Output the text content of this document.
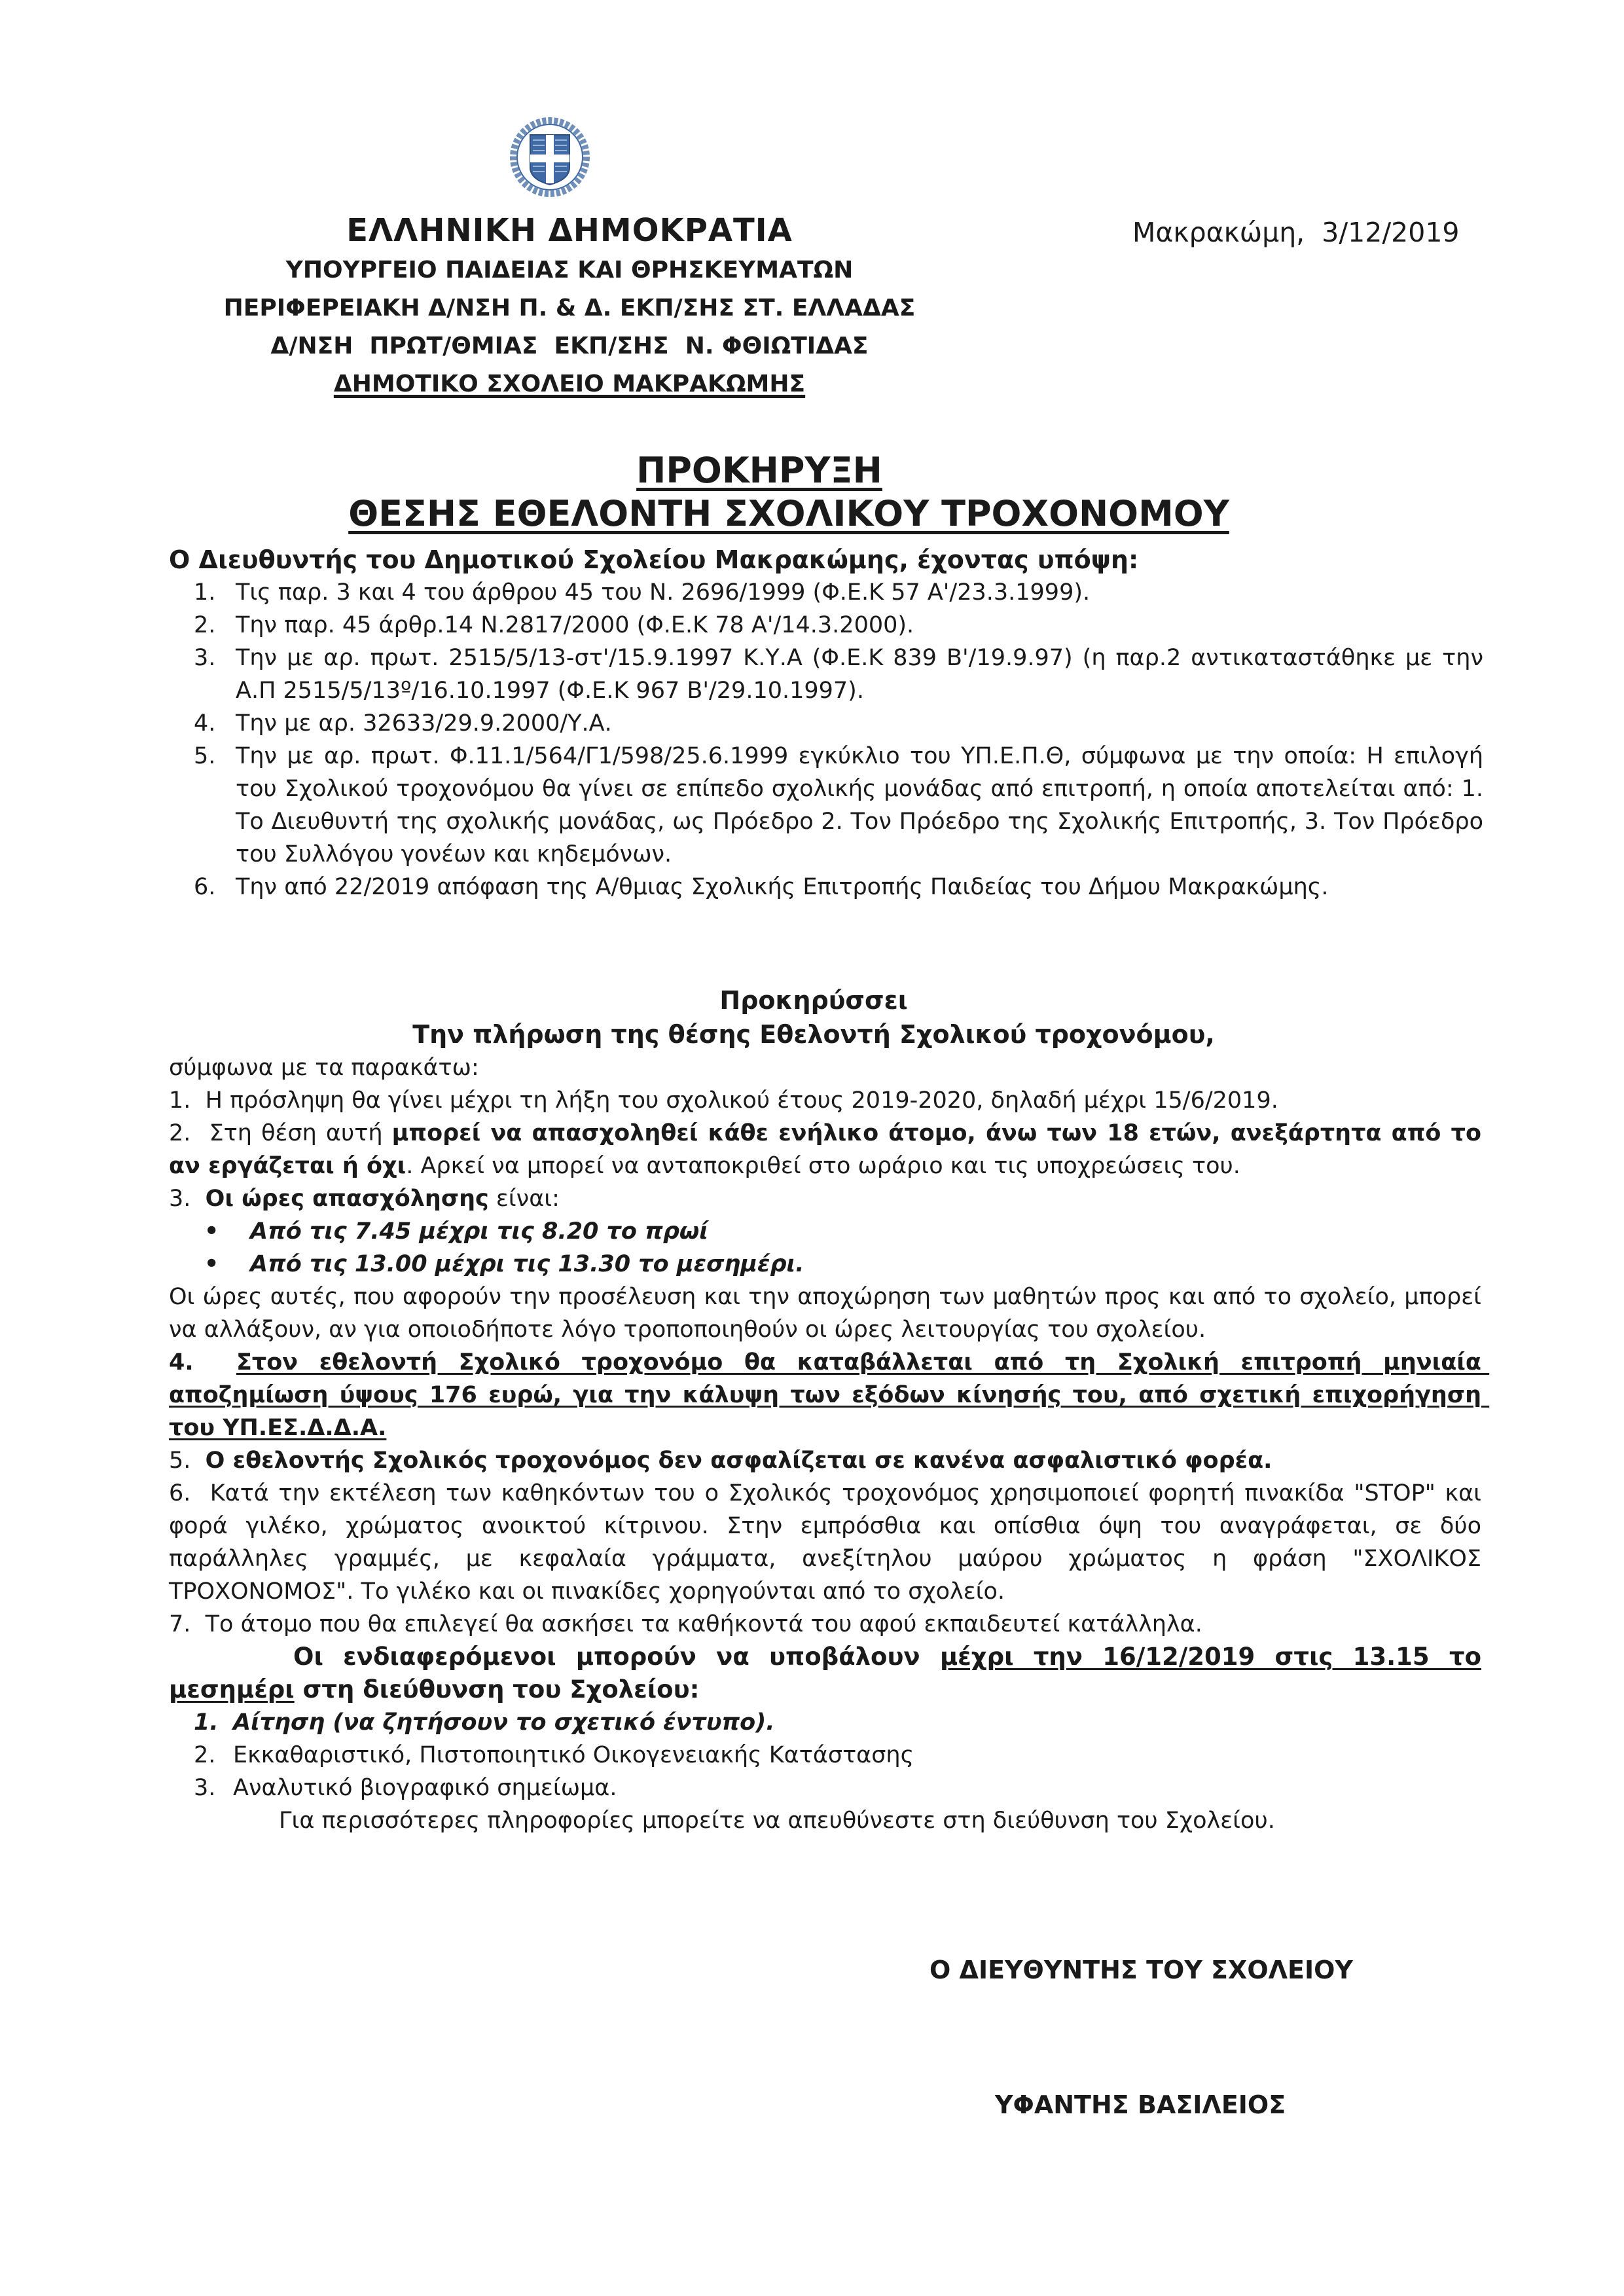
ΕΛΛΗΝΙΚΗ ΔΗΜΟΚΡΑΤΙΑ
ΥΠΟΥΡΓΕΙΟ ΠΑΙΔΕΙΑΣ ΚΑΙ ΘΡΗΣΚΕΥΜΑΤΩΝ
ΠΕΡΙΦΕΡΕΙΑΚΗ Δ/ΝΣΗ Π. & Δ. ΕΚΠ/ΣΗΣ ΣΤ. ΕΛΛΑΔΑΣ
Δ/ΝΣΗ  ΠΡΩΤ/ΘΜΙΑΣ  ΕΚΠ/ΣΗΣ  Ν. ΦΘΙΩΤΙΔΑΣ
ΔΗΜΟΤΙΚΟ ΣΧΟΛΕΙΟ ΜΑΚΡΑΚΩΜΗΣ
Μακρακώμη,  3/12/2019
ΠΡΟΚΗΡΥΞΗ
ΘΕΣΗΣ ΕΘΕΛΟΝΤΗ ΣΧΟΛΙΚΟΥ ΤΡΟΧΟΝΟΜΟΥ
Ο Διευθυντής του Δημοτικού Σχολείου Μακρακώμης, έχοντας υπόψη:
1. Τις παρ. 3 και 4 του άρθρου 45 του Ν. 2696/1999 (Φ.Ε.Κ 57 Α'/23.3.1999).
2. Την παρ. 45 άρθρ.14 Ν.2817/2000 (Φ.Ε.Κ 78 Α'/14.3.2000).
3. Την με αρ. πρωτ. 2515/5/13-στ'/15.9.1997 Κ.Υ.Α (Φ.Ε.Κ 839 Β'/19.9.97) (η παρ.2 αντικαταστάθηκε με την Α.Π 2515/5/13º/16.10.1997 (Φ.Ε.Κ 967 Β'/29.10.1997).
4. Την με αρ. 32633/29.9.2000/Υ.Α.
5. Την με αρ. πρωτ. Φ.11.1/564/Γ1/598/25.6.1999 εγκύκλιο του ΥΠ.Ε.Π.Θ, σύμφωνα με την οποία: Η επιλογή του Σχολικού τροχονόμου θα γίνει σε επίπεδο σχολικής μονάδας από επιτροπή, η οποία αποτελείται από: 1. Το Διευθυντή της σχολικής μονάδας, ως Πρόεδρο 2. Τον Πρόεδρο της Σχολικής Επιτροπής, 3. Τον Πρόεδρο του Συλλόγου γονέων και κηδεμόνων.
6. Την από 22/2019 απόφαση της Α/θμιας Σχολικής Επιτροπής Παιδείας του Δήμου Μακρακώμης.
Προκηρύσσει
Την πλήρωση της θέσης Εθελοντή Σχολικού τροχονόμου,

σύμφωνα με τα παρακάτω:

1.  Η πρόσληψη θα γίνει μέχρι τη λήξη του σχολικού έτους 2019-2020, δηλαδή μέχρι 15/6/2019.

2.  Στη θέση αυτή μπορεί να απασχοληθεί κάθε ενήλικο άτομο, άνω των 18 ετών, ανεξάρτητα από το αν εργάζεται ή όχι. Αρκεί να μπορεί να ανταποκριθεί στο ωράριο και τις υποχρεώσεις του.

3.  Οι ώρες απασχόλησης είναι:

•	Από τις 7.45 μέχρι τις 8.20 το πρωί
•	Από τις 13.00 μέχρι τις 13.30 το μεσημέρι.

Οι ώρες αυτές, που αφορούν την προσέλευση και την αποχώρηση των μαθητών προς και από το σχολείο, μπορεί να αλλάξουν, αν για οποιοδήποτε λόγο τροποποιηθούν οι ώρες λειτουργίας του σχολείου.

4.  Στον εθελοντή Σχολικό τροχονόμο θα καταβάλλεται από τη Σχολική επιτροπή μηνιαία αποζημίωση ύψους 176 ευρώ, για την κάλυψη των εξόδων κίνησής του, από σχετική επιχορήγηση του ΥΠ.ΕΣ.Δ.Δ.Α.

5.  Ο εθελοντής Σχολικός τροχονόμος δεν ασφαλίζεται σε κανένα ασφαλιστικό φορέα.

6.  Κατά την εκτέλεση των καθηκόντων του ο Σχολικός τροχονόμος χρησιμοποιεί φορητή πινακίδα "STOP" και φορά γιλέκο, χρώματος ανοικτού κίτρινου. Στην εμπρόσθια και οπίσθια όψη του αναγράφεται, σε δύο παράλληλες γραμμές, με κεφαλαία γράμματα, ανεξίτηλου μαύρου χρώματος η φράση "ΣΧΟΛΙΚΟΣ ΤΡΟΧΟΝΟΜΟΣ". Το γιλέκο και οι πινακίδες χορηγούνται από το σχολείο.

7.  Το άτομο που θα επιλεγεί θα ασκήσει τα καθήκοντά του αφού εκπαιδευτεί κατάλληλα.

Οι ενδιαφερόμενοι μπορούν να υποβάλουν μέχρι την 16/12/2019 στις 13.15 το μεσημέρι στη διεύθυνση του Σχολείου:

1. Αίτηση (να ζητήσουν το σχετικό έντυπο).
2. Εκκαθαριστικό, Πιστοποιητικό Οικογενειακής Κατάστασης
3. Αναλυτικό βιογραφικό σημείωμα.

Για περισσότερες πληροφορίες μπορείτε να απευθύνεστε στη διεύθυνση του Σχολείου.

Ο ΔΙΕΥΘΥΝΤΗΣ ΤΟΥ ΣΧΟΛΕΙΟΥ
ΥΦΑΝΤΗΣ ΒΑΣΙΛΕΙΟΣ
